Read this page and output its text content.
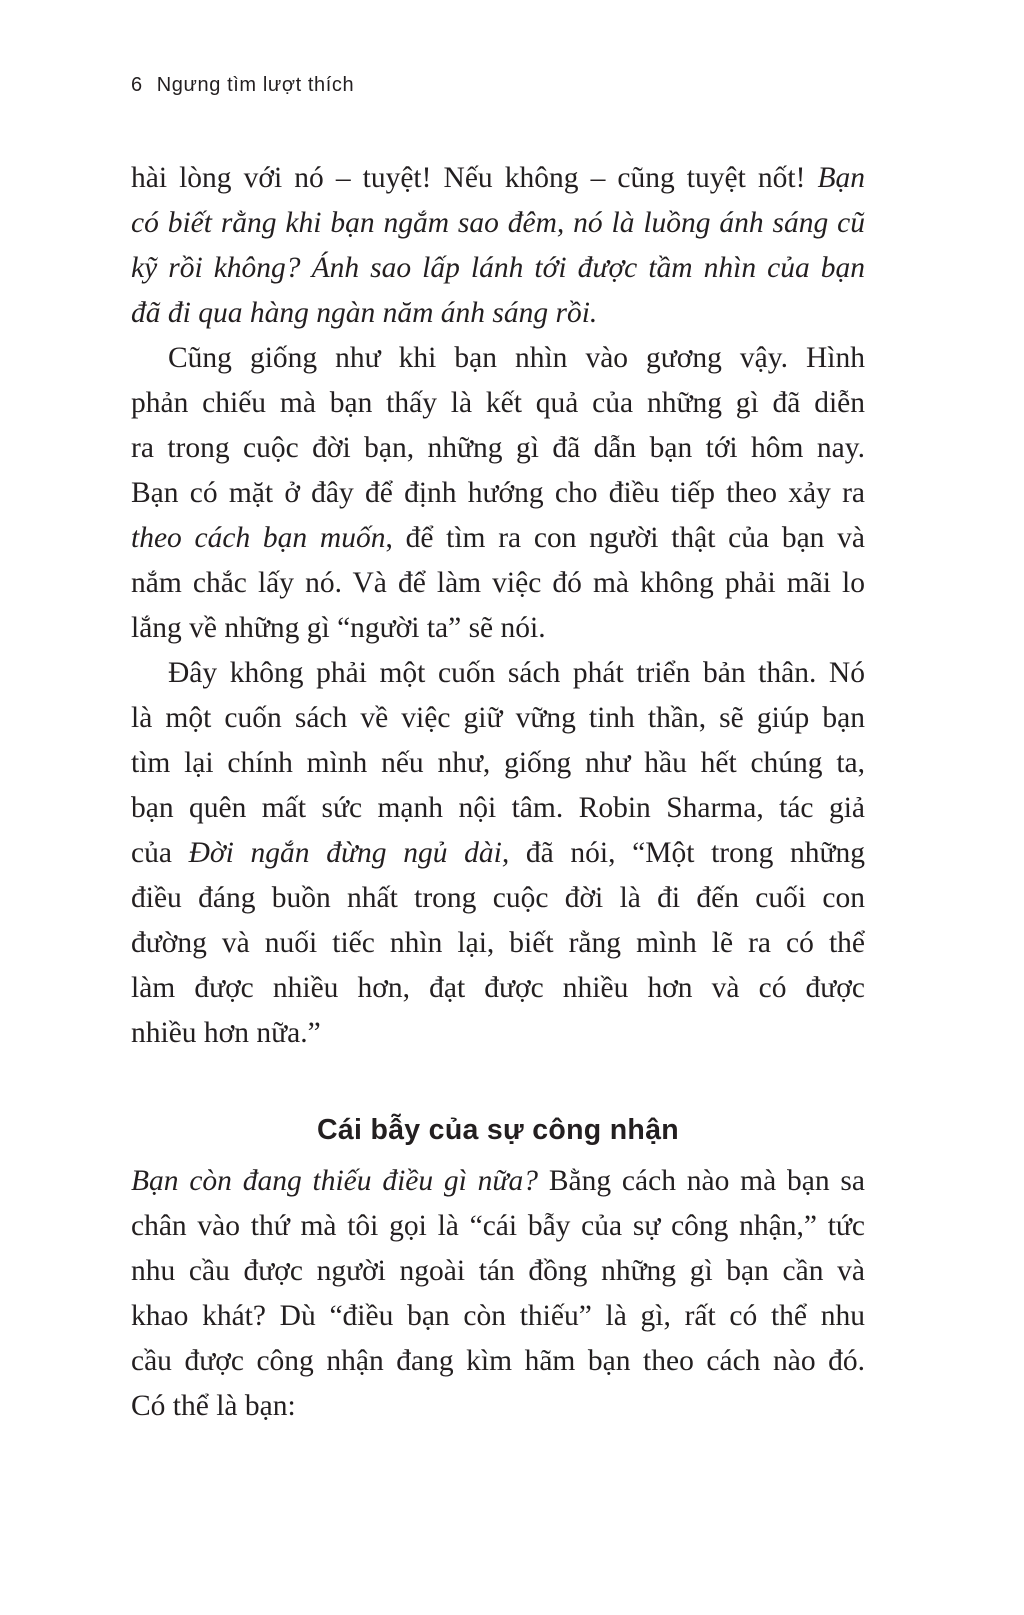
6 Ngưng tìm lượt thích
hài lòng với nó – tuyệt! Nếu không – cũng tuyệt nốt! Bạn
có biết rằng khi bạn ngắm sao đêm, nó là luồng ánh sáng cũ
kỹ rồi không? Ánh sao lấp lánh tới được tầm nhìn của bạn
đã đi qua hàng ngàn năm ánh sáng rồi.
Cũng giống như khi bạn nhìn vào gương vậy. Hình
phản chiếu mà bạn thấy là kết quả của những gì đã diễn
ra trong cuộc đời bạn, những gì đã dẫn bạn tới hôm nay.
Bạn có mặt ở đây để định hướng cho điều tiếp theo xảy ra
theo cách bạn muốn, để tìm ra con người thật của bạn và
nắm chắc lấy nó. Và để làm việc đó mà không phải mãi lo
lắng về những gì “người ta” sẽ nói.
Đây không phải một cuốn sách phát triển bản thân. Nó
là một cuốn sách về việc giữ vững tinh thần, sẽ giúp bạn
tìm lại chính mình nếu như, giống như hầu hết chúng ta,
bạn quên mất sức mạnh nội tâm. Robin Sharma, tác giả
của Đời ngắn đừng ngủ dài, đã nói, “Một trong những
điều đáng buồn nhất trong cuộc đời là đi đến cuối con
đường và nuối tiếc nhìn lại, biết rằng mình lẽ ra có thể
làm được nhiều hơn, đạt được nhiều hơn và có được
nhiều hơn nữa.”
Cái bẫy của sự công nhận
Bạn còn đang thiếu điều gì nữa? Bằng cách nào mà bạn sa
chân vào thứ mà tôi gọi là “cái bẫy của sự công nhận,” tức
nhu cầu được người ngoài tán đồng những gì bạn cần và
khao khát? Dù “điều bạn còn thiếu” là gì, rất có thể nhu
cầu được công nhận đang kìm hãm bạn theo cách nào đó.
Có thể là bạn:
